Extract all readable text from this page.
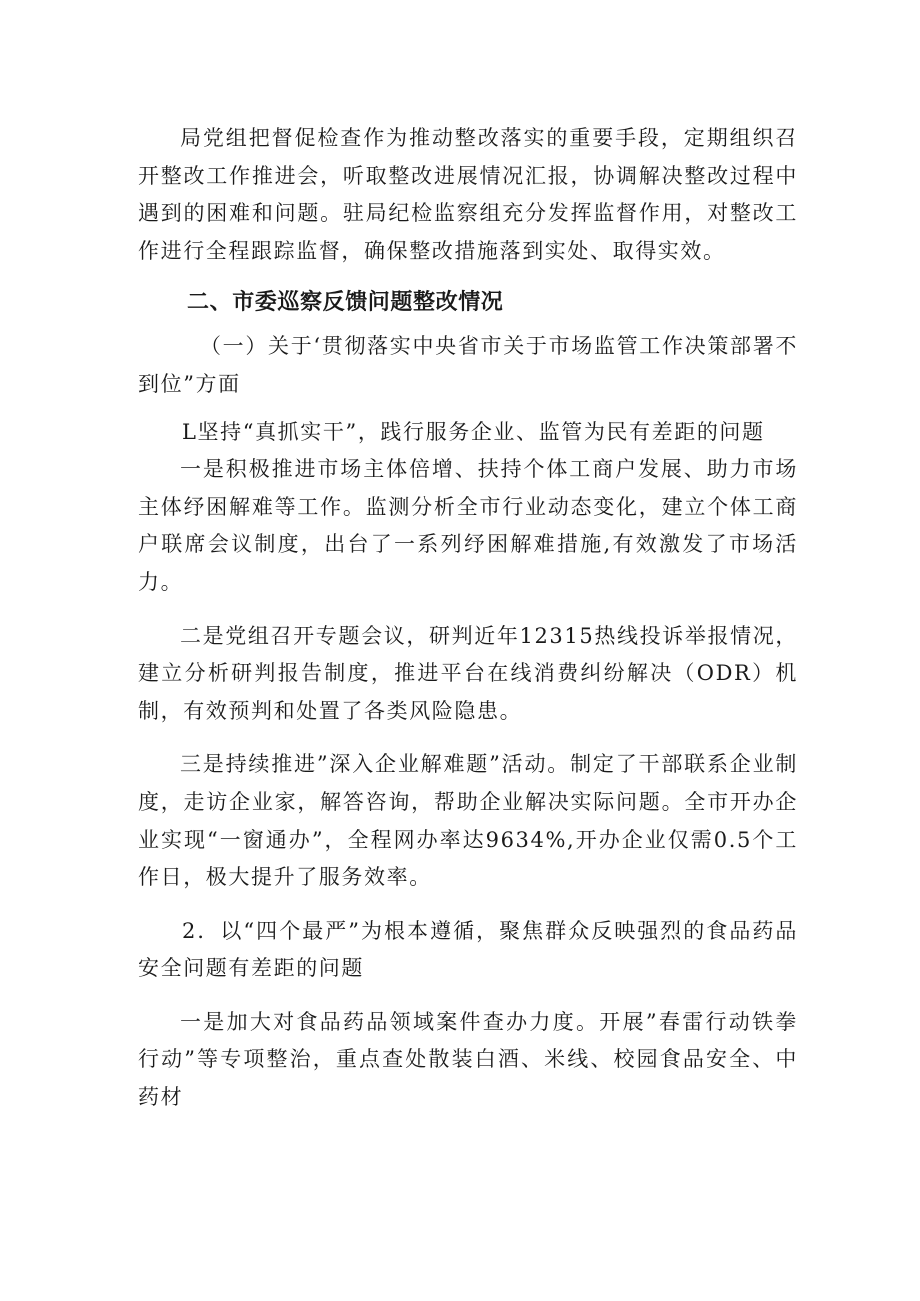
局党组把督促检查作为推动整改落实的重要手段，定期组织召开整改工作推进会，听取整改进展情况汇报，协调解决整改过程中遇到的困难和问题。驻局纪检监察组充分发挥监督作用，对整改工作进行全程跟踪监督，确保整改措施落到实处、取得实效。

二、市委巡察反馈问题整改情况

（一）关于‘贯彻落实中央省市关于市场监管工作决策部署不到位”方面

L坚持“真抓实干”，践行服务企业、监管为民有差距的问题

一是积极推进市场主体倍增、扶持个体工商户发展、助力市场主体纾困解难等工作。监测分析全市行业动态变化，建立个体工商户联席会议制度，出台了一系列纾困解难措施,有效激发了市场活力。

二是党组召开专题会议，研判近年12315热线投诉举报情况，建立分析研判报告制度，推进平台在线消费纠纷解决（ODR）机制，有效预判和处置了各类风险隐患。

三是持续推进”深入企业解难题”活动。制定了干部联系企业制度，走访企业家，解答咨询，帮助企业解决实际问题。全市开办企业实现“一窗通办”，全程网办率达9634%,开办企业仅需0.5个工作日，极大提升了服务效率。

2．以“四个最严”为根本遵循，聚焦群众反映强烈的食品药品安全问题有差距的问题

一是加大对食品药品领域案件查办力度。开展”春雷行动铁拳行动”等专项整治，重点查处散装白酒、米线、校园食品安全、中药材
